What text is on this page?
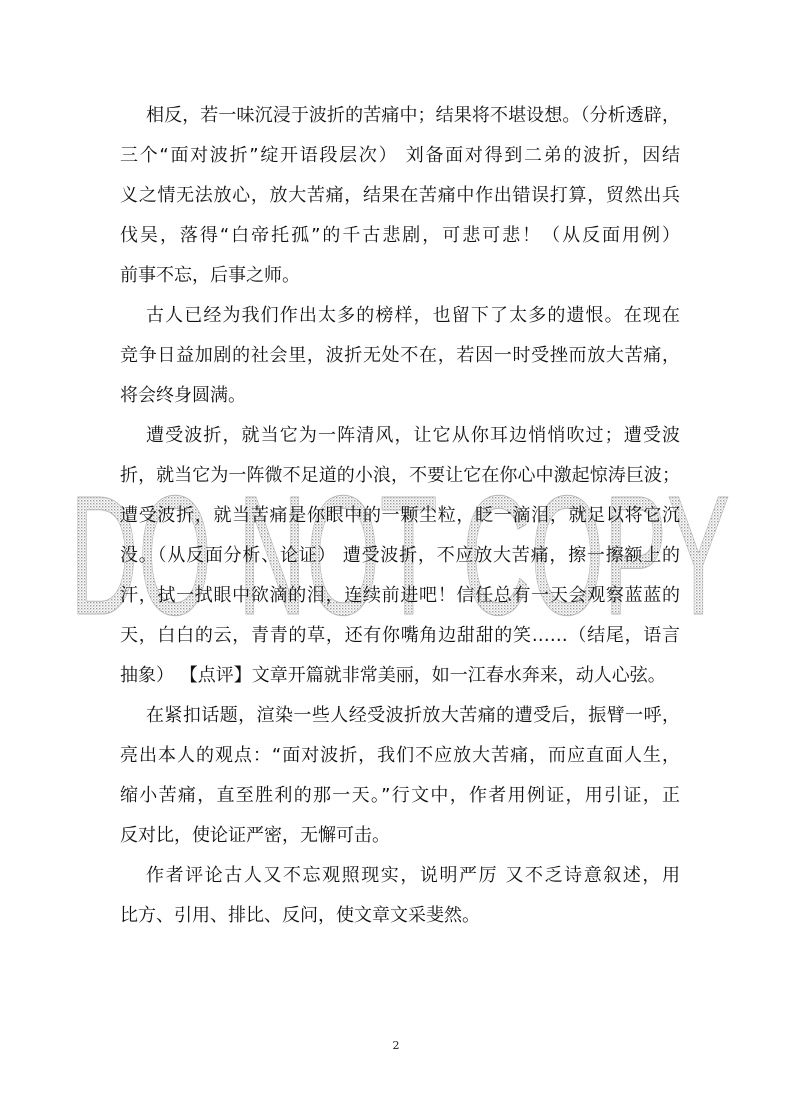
DO NOT COPY
相反，若一味沉浸于波折的苦痛中；结果将不堪设想。（分析透辟，
三个“面对波折”绽开语段层次） 刘备面对得到二弟的波折，因结
义之情无法放心，放大苦痛，结果在苦痛中作出错误打算，贸然出兵
伐吴，落得“白帝托孤”的千古悲剧，可悲可悲！（从反面用例）
前事不忘，后事之师。
古人已经为我们作出太多的榜样，也留下了太多的遗恨。在现在
竞争日益加剧的社会里，波折无处不在，若因一时受挫而放大苦痛，
将会终身圆满。
遭受波折，就当它为一阵清风，让它从你耳边悄悄吹过；遭受波
折，就当它为一阵微不足道的小浪，不要让它在你心中激起惊涛巨波；
遭受波折，就当苦痛是你眼中的一颗尘粒，眨一滴泪，就足以将它沉
没。（从反面分析、论证） 遭受波折，不应放大苦痛，擦一擦额上的
汗，拭一拭眼中欲滴的泪，连续前进吧！信任总有一天会观察蓝蓝的
天，白白的云，青青的草，还有你嘴角边甜甜的笑……（结尾，语言
抽象） 【点评】文章开篇就非常美丽，如一江春水奔来，动人心弦。
在紧扣话题，渲染一些人经受波折放大苦痛的遭受后，振臂一呼，
亮出本人的观点：“面对波折，我们不应放大苦痛，而应直面人生，
缩小苦痛，直至胜利的那一天。”行文中，作者用例证，用引证，正
反对比，使论证严密，无懈可击。
作者评论古人又不忘观照现实，说明严厉 又不乏诗意叙述，用
比方、引用、排比、反问，使文章文采斐然。
2
